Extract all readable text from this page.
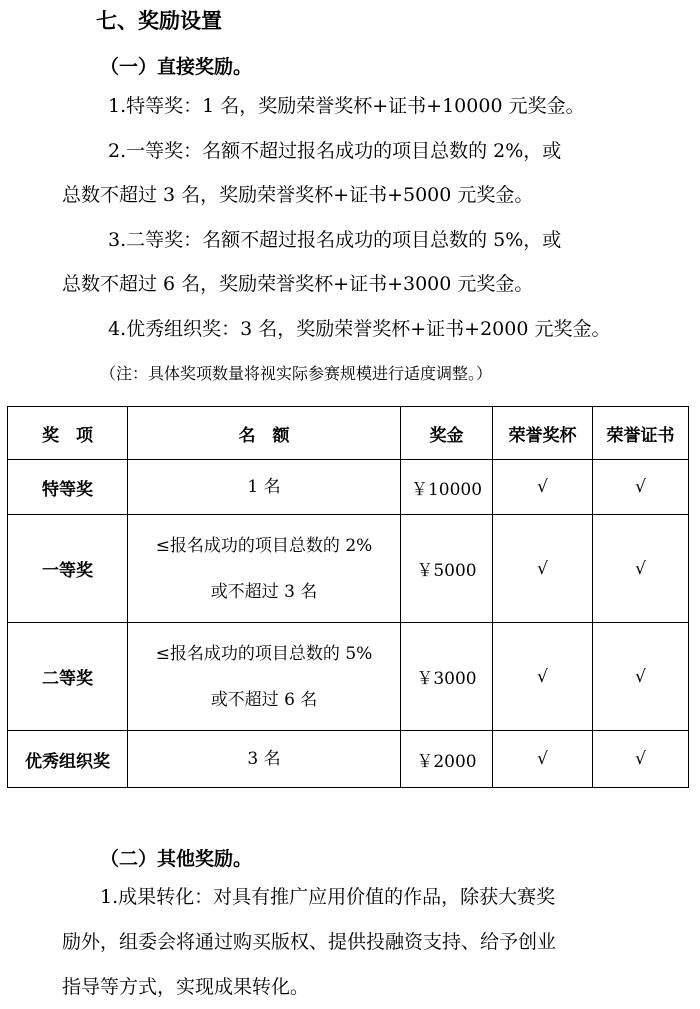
七、奖励设置
（一）直接奖励。
1.特等奖：1 名，奖励荣誉奖杯+证书+10000 元奖金。
2.一等奖：名额不超过报名成功的项目总数的 2%，或
总数不超过 3 名，奖励荣誉奖杯+证书+5000 元奖金。
3.二等奖：名额不超过报名成功的项目总数的 5%，或
总数不超过 6 名，奖励荣誉奖杯+证书+3000 元奖金。
4.优秀组织奖：3 名，奖励荣誉奖杯+证书+2000 元奖金。
（注：具体奖项数量将视实际参赛规模进行适度调整。）
奖　项	名　额	奖金	荣誉奖杯	荣誉证书
特等奖	1 名	￥10000	√	√
一等奖	≤报名成功的项目总数的 2%
或不超过 3 名	￥5000	√	√
二等奖	≤报名成功的项目总数的 5%
或不超过 6 名	￥3000	√	√
优秀组织奖	3 名	￥2000	√	√
（二）其他奖励。
1.成果转化：对具有推广应用价值的作品，除获大赛奖
励外，组委会将通过购买版权、提供投融资支持、给予创业
指导等方式，实现成果转化。
